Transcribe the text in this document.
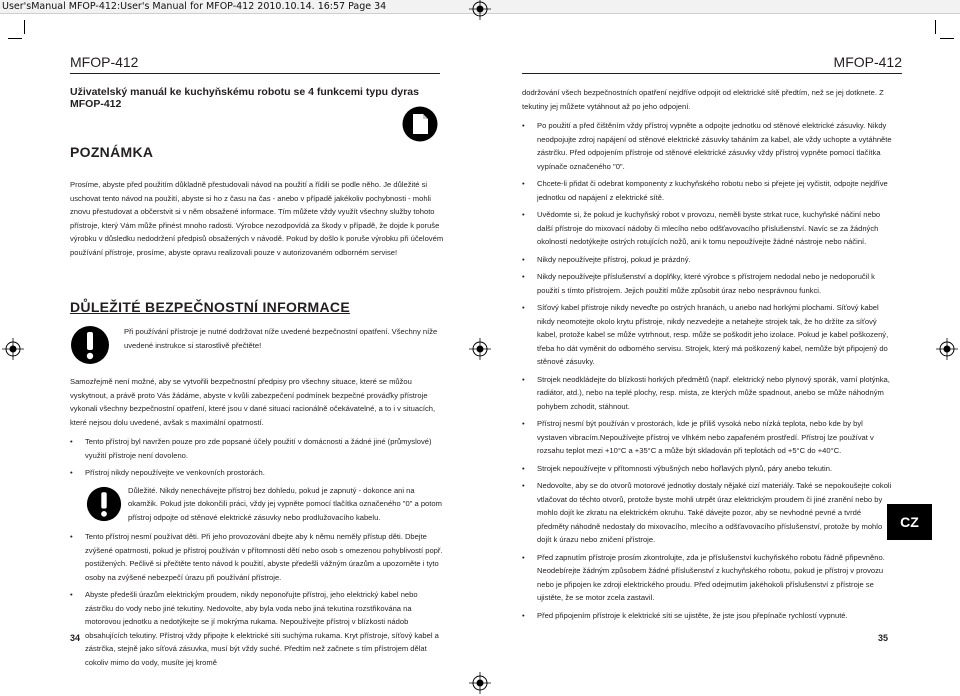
User'sManual MFOP-412:User's Manual for MFOP-412 2010.10.14. 16:57 Page 34
MFOP-412	MFOP-412
Uživatelský manuál ke kuchyňskému robotu se 4 funkcemi typu dyras MFOP-412
POZNÁMKA

Prosíme, abyste před použitím důkladně přestudovali návod na použití a řídili se podle něho. Je důležité si uschovat tento návod na použití, abyste si ho z času na čas - anebo v případě jakékoliv pochybnosti - mohli znovu přestudovat a občerstvit si v něm obsažené informace. Tím můžete vždy využít všechny služby tohoto přístroje, který Vám může přinést mnoho radosti. Výrobce nezodpovídá za škody v případě, že dojde k poruše výrobku v důsledku nedodržení předpisů obsažených v návodě. Pokud by došlo k poruše výrobku při účelovém používání přístroje, prosíme, abyste opravu realizovali pouze v autorizovaném odborném servise!

DŮLEŽITÉ BEZPEČNOSTNÍ INFORMACE

Při používání přístroje je nutné dodržovat níže uvedené bezpečnostní opatření. Všechny níže uvedené instrukce si starostlivě přečtěte!

Samozřejmě není možné, aby se vytvořili bezpečnostní předpisy pro všechny situace, které se můžou vyskytnout, a právě proto Vás žádáme, abyste v kvůli zabezpečení podmínek bezpečné prováďky přístroje vykonali všechny bezpečnostní opatření, které jsou v dané situaci racionálně očekávatelné, a to i v situacích, které nejsou dolu uvedené, avšak s maximální opatrností.

• Tento přístroj byl navržen pouze pro zde popsané účely použití v domácnosti a žádné jiné (průmyslové) využití přístroje není dovoleno.
• Přístroj nikdy nepoužívejte ve venkovních prostorách.

Důležité. Nikdy nenechávejte přístroj bez dohledu, pokud je zapnutý - dokonce ani na okamžik. Pokud jste dokončili práci, vždy jej vypněte pomocí tlačítka označeného "0" a potom přístroj odpojte od stěnové elektrické zásuvky nebo prodlužovacího kabelu.

• Tento přístroj nesmí používat děti. Při jeho provozování dbejte aby k němu neměly přístup děti. Dbejte zvýšené opatrnosti, pokud je přístroj používán v přítomnosti dětí nebo osob s omezenou pohyblivostí popř. postižených. Pečlivě si přečtěte tento návod k použití, abyste předešli vážným úrazům a upozorněte i tyto osoby na zvýšené nebezpečí úrazu při používání přístroje.
• Abyste předešli úrazům elektrickým proudem, nikdy neponořujte přístroj, jeho elektrický kabel nebo zástrčku do vody nebo jiné tekutiny. Nedovolte, aby byla voda nebo jiná tekutina rozstřikována na motorovou jednotku a nedotýkejte se jí mokrýma rukama. Nepoužívejte přístroj v blízkosti nádob obsahujících tekutiny. Přístroj vždy připojte k elektrické síti suchýma rukama. Kryt přístroje, síťový kabel a zástrčka, stejně jako síťová zásuvka, musí být vždy suché. Předtím než začnete s tím přístrojem dělat cokoliv mimo do vody, musíte jej kromě

dodržování všech bezpečnostních opatření nejdříve odpojit od elektrické sítě předtím, než se jej dotknete. Z tekutiny jej můžete vytáhnout až po jeho odpojení.

• Po použití a před čištěním vždy přístroj vypněte a odpojte jednotku od stěnové elektrické zásuvky. Nikdy neodpojujte zdroj napájení od stěnové elektrické zásuvky taháním za kabel, ale vždy uchopte a vytáhněte zástrčku. Před odpojením přístroje od stěnové elektrické zásuvky vždy přístroj vypněte pomocí tlačítka vypínače označeného "0".
• Chcete-li přidat či odebrat komponenty z kuchyňského robotu nebo si přejete jej vyčistit, odpojte nejdříve jednotku od napájení z elektrické sítě.
• Uvědomte si, že pokud je kuchyňský robot v provozu, neměli byste strkat ruce, kuchyňské náčiní nebo další přístroje do mixovací nádoby či mlecího nebo odšťavovacího příslušenství. Navíc se za žádných okolností nedotýkejte ostrých rotujících nožů, ani k tomu nepoužívejte žádné nástroje nebo náčiní.
• Nikdy nepoužívejte přístroj, pokud je prázdný.
• Nikdy nepoužívejte příslušenství a doplňky, které výrobce s přístrojem nedodal nebo je nedoporučil k použití s tímto přístrojem. Jejich použití může způsobit úraz nebo nesprávnou funkci.
• Síťový kabel přístroje nikdy neveďte po ostrých hranách, u anebo nad horkými plochami. Síťový kabel nikdy neomotejte okolo krytu přístroje, nikdy nezvedejte a netahejte strojek tak, že ho držíte za síťový kabel, protože kabel se může vytrhnout, resp. může se poškodit jeho izolace. Pokud je kabel poškozený, třeba ho dát vyměnit do odborného servisu. Strojek, který má poškozený kabel, nemůže být připojený do stěnové zásuvky.
• Strojek neodkládejte do blízkosti horkých předmětů (např. elektrický nebo plynový sporák, varní plotýnka, radiátor, atd.), nebo na teplé plochy, resp. místa, ze kterých může spadnout, anebo se může náhodným pohybem zchodit, stáhnout.
• Přístroj nesmí být používán v prostorách, kde je příliš vysoká nebo nízká teplota, nebo kde by byl vystaven vibracím.Nepoužívejte přístroj ve vlhkém nebo zapařeném prostředí. Přístroj lze používat v rozsahu teplot mezi +10°C a +35°C a může být skladován při teplotách od +5°C do +40°C.
• Strojek nepoužívejte v přítomnosti výbušných nebo hořlavých plynů, páry anebo tekutin.
• Nedovolte, aby se do otvorů motorové jednotky dostaly nějaké cizí materiály. Také se nepokoušejte cokoli vtlačovat do těchto otvorů, protože byste mohli utrpět úraz elektrickým proudem či jiné zranění nebo by mohlo dojít ke zkratu na elektrickém okruhu. Také dávejte pozor, aby se nevhodné pevné a tvrdé předměty náhodně nedostaly do mixovacího, mlecího a odšťavovacího příslušenství, protože by mohlo dojít k úrazu nebo zničení přístroje.
• Před zapnutím přístroje prosím zkontrolujte, zda je příslušenství kuchyňského robotu řádně připevněno. Neodebírejte žádným způsobem žádné příslušenství z kuchyňského robotu, pokud je přístroj v provozu nebo je připojen ke zdroji elektrického proudu. Před odejmutím jakéhokoli příslušenství z přístroje se ujistěte, že se motor zcela zastavil.
• Před připojením přístroje k elektrické síti se ujistěte, že jste jsou přepínače rychlostí vypnuté.
CZ
34	35
